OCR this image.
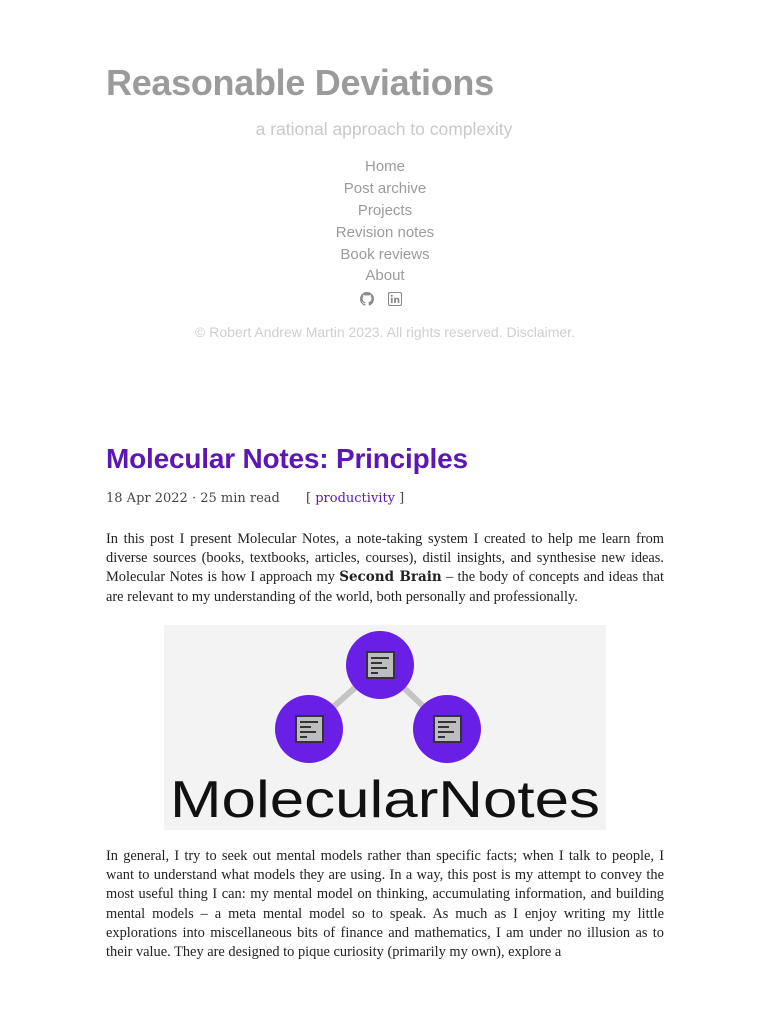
Reasonable Deviations
a rational approach to complexity
Home
Post archive
Projects
Revision notes
Book reviews
About

© Robert Andrew Martin 2023. All rights reserved. Disclaimer.
Molecular Notes: Principles
18 Apr 2022 · 25 min read [ productivity ]

In this post I present Molecular Notes, a note-taking system I created to help me learn from diverse sources (books, textbooks, articles, courses), distil insights, and synthesise new ideas. Molecular Notes is how I approach my Second Brain – the body of concepts and ideas that are relevant to my understanding of the world, both personally and professionally.

MolecularNotes

In general, I try to seek out mental models rather than specific facts; when I talk to people, I want to understand what models they are using. In a way, this post is my attempt to convey the most useful thing I can: my mental model on thinking, accumulating information, and building mental models – a meta mental model so to speak. As much as I enjoy writing my little explorations into miscellaneous bits of finance and mathematics, I am under no illusion as to their value. They are designed to pique curiosity (primarily my own), explore a
